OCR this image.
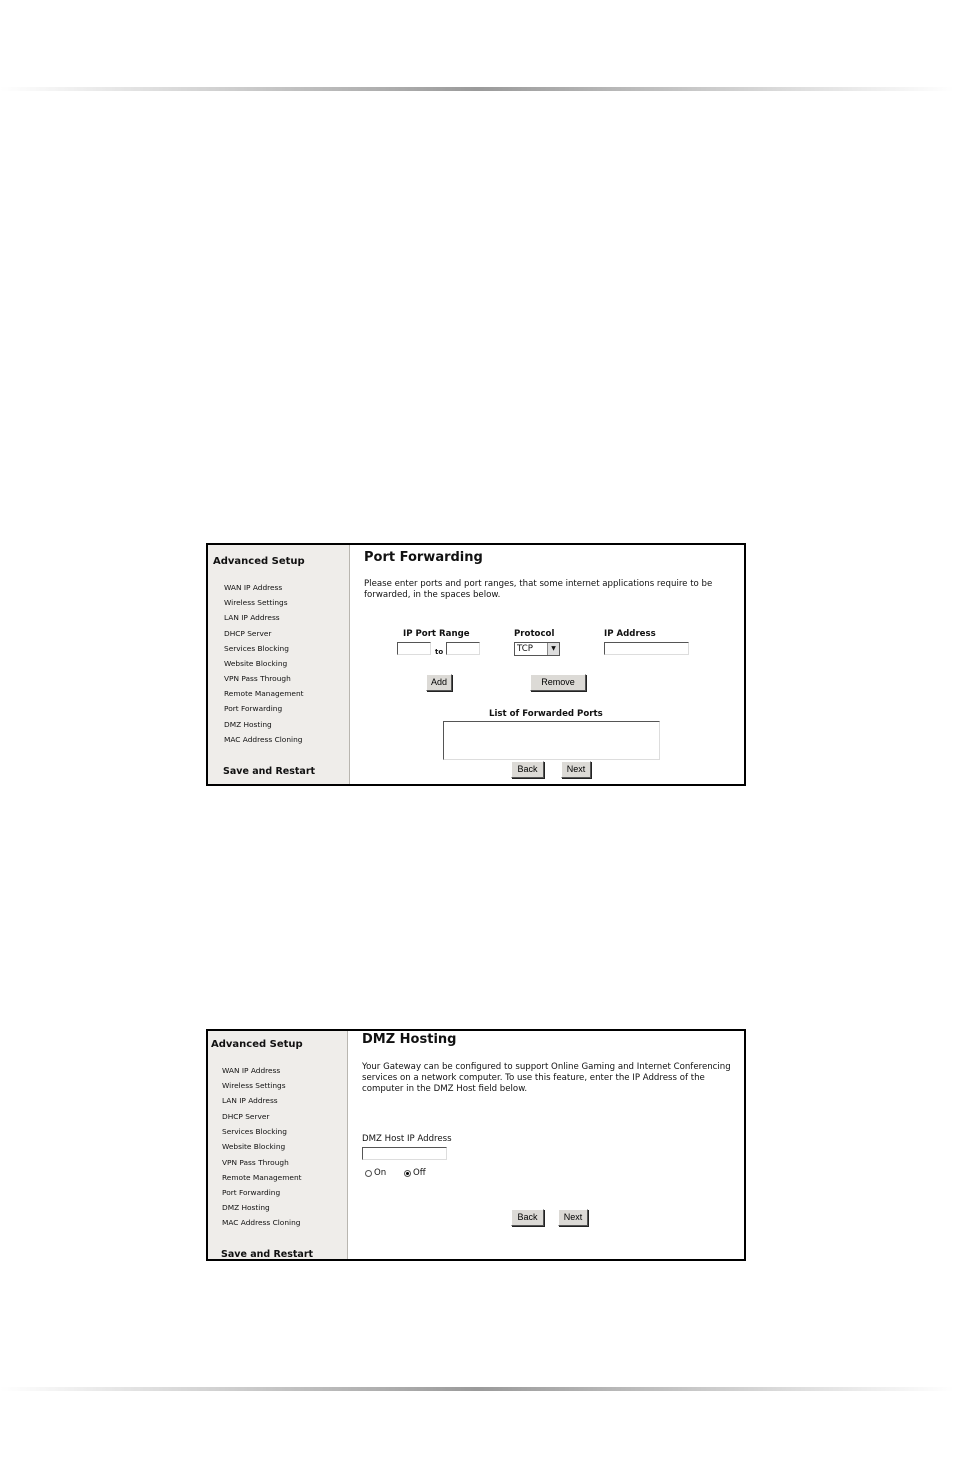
Advanced Setup
WAN IP Address
Wireless Settings
LAN IP Address
DHCP Server
Services Blocking
Website Blocking
VPN Pass Through
Remote Management
Port Forwarding
DMZ Hosting
MAC Address Cloning
Save and Restart
Port Forwarding
Please enter ports and port ranges, that some internet applications require to be forwarded, in the spaces below.
IP Port Range	Protocol	IP Address
to	TCP	▼
Add	Remove
List of Forwarded Ports
Back	Next
Advanced Setup
WAN IP Address
Wireless Settings
LAN IP Address
DHCP Server
Services Blocking
Website Blocking
VPN Pass Through
Remote Management
Port Forwarding
DMZ Hosting
MAC Address Cloning
Save and Restart
DMZ Hosting
Your Gateway can be configured to support Online Gaming and Internet Conferencing services on a network computer. To use this feature, enter the IP Address of the computer in the DMZ Host field below.
DMZ Host IP Address
On	Off
Back	Next
